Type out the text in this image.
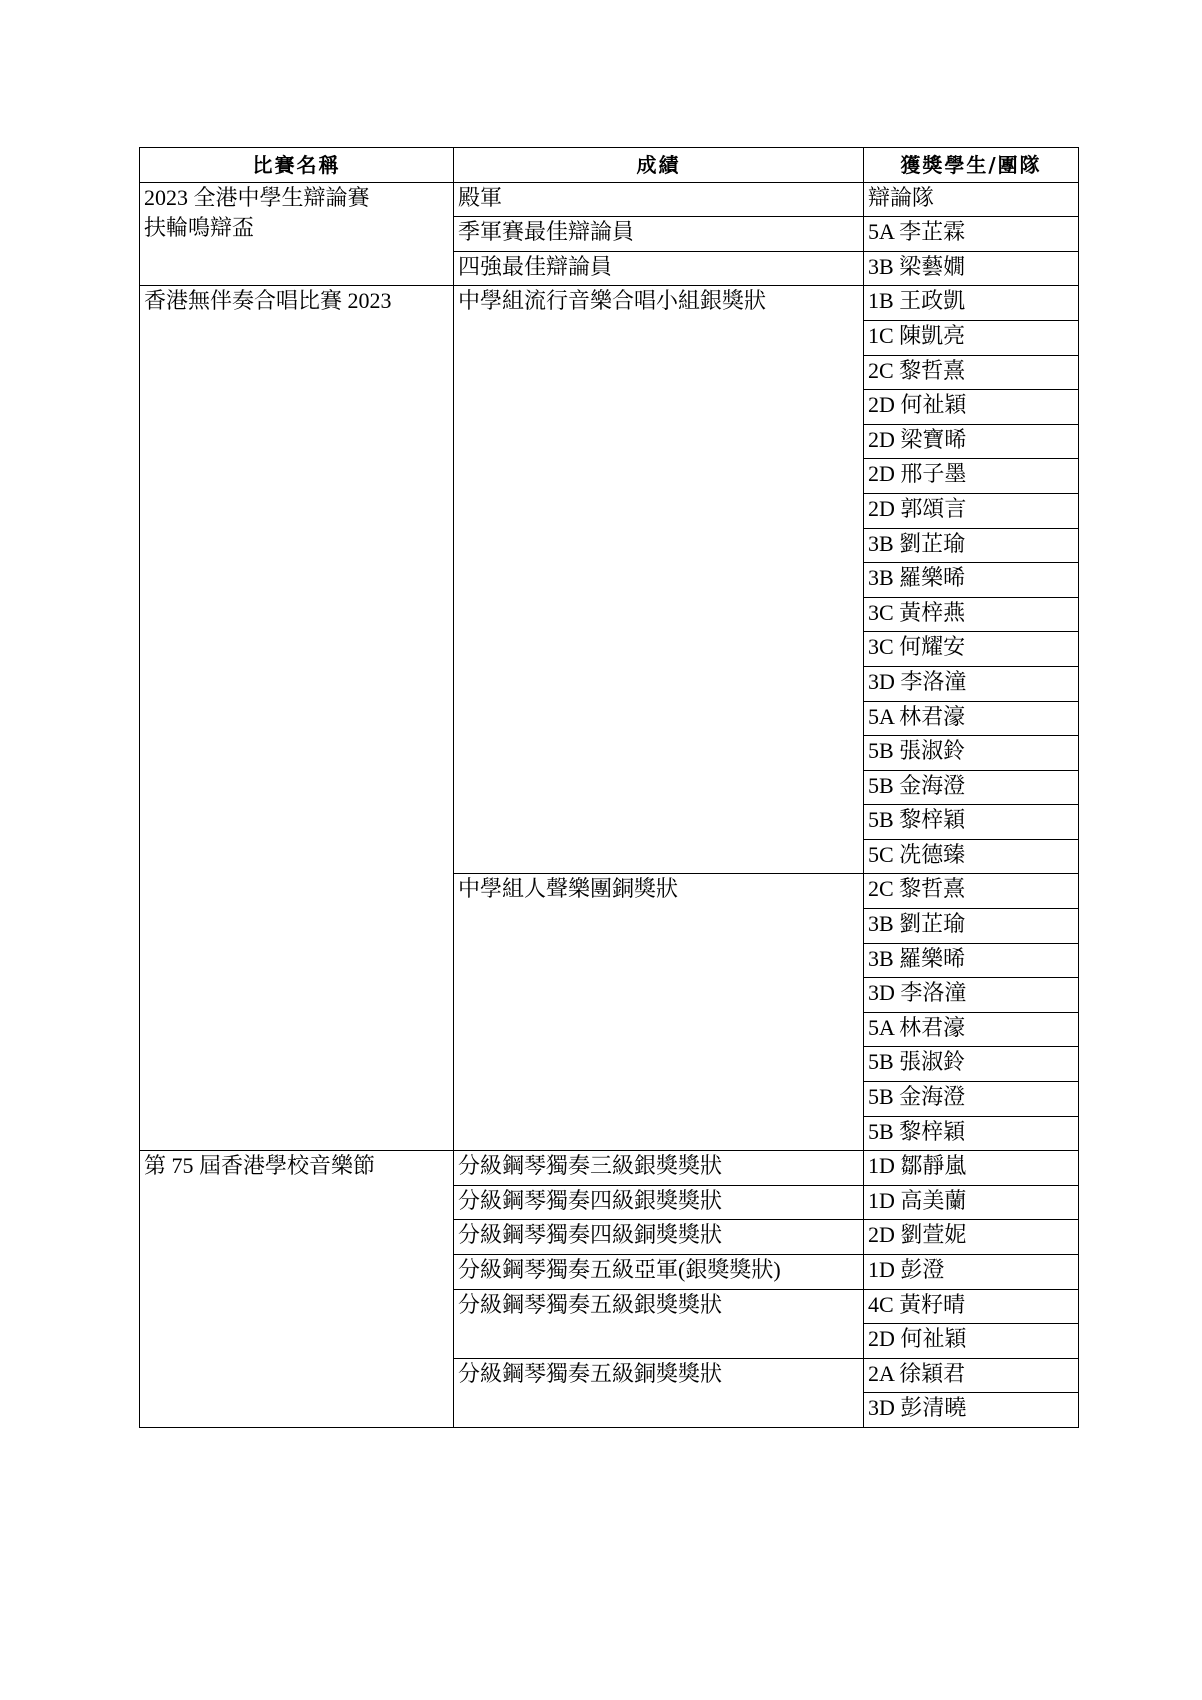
比賽名稱	成績	獲獎學生/團隊

2023 全港中學生辯論賽
扶輪鳴辯盃	殿軍	辯論隊
	季軍賽最佳辯論員	5A 李芷霖
	四強最佳辯論員	3B 梁藝嫺

香港無伴奏合唱比賽 2023	中學組流行音樂合唱小組銀獎狀	1B 王政凱
		1C 陳凱亮
		2C 黎哲熹
		2D 何祉穎
		2D 梁寶晞
		2D 邢子墨
		2D 郭頌言
		3B 劉芷瑜
		3B 羅樂晞
		3C 黃梓燕
		3C 何耀安
		3D 李洛潼
		5A 林君濠
		5B 張淑鈴
		5B 金海澄
		5B 黎梓穎
		5C 冼德臻
	中學組人聲樂團銅獎狀	2C 黎哲熹
		3B 劉芷瑜
		3B 羅樂晞
		3D 李洛潼
		5A 林君濠
		5B 張淑鈴
		5B 金海澄
		5B 黎梓穎

第 75 屆香港學校音樂節	分級鋼琴獨奏三級銀獎獎狀	1D 鄒靜嵐
	分級鋼琴獨奏四級銀獎獎狀	1D 高美蘭
	分級鋼琴獨奏四級銅獎獎狀	2D 劉萱妮
	分級鋼琴獨奏五級亞軍(銀獎獎狀)	1D 彭澄
	分級鋼琴獨奏五級銀獎獎狀	4C 黃籽晴
		2D 何祉穎
	分級鋼琴獨奏五級銅獎獎狀	2A 徐穎君
		3D 彭清曉
